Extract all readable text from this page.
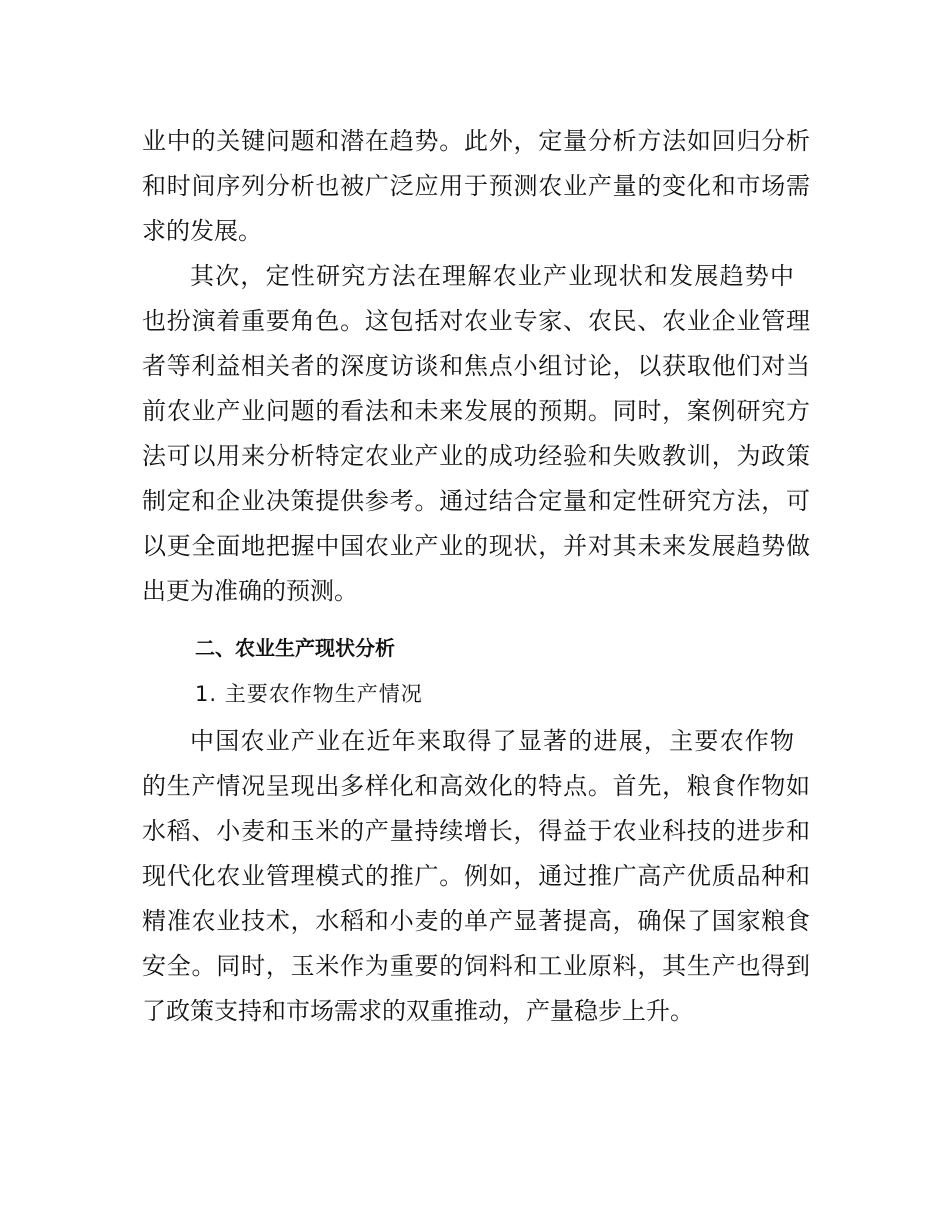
业中的关键问题和潜在趋势。此外，定量分析方法如回归分析
和时间序列分析也被广泛应用于预测农业产量的变化和市场需
求的发展。
其次，定性研究方法在理解农业产业现状和发展趋势中
也扮演着重要角色。这包括对农业专家、农民、农业企业管理
者等利益相关者的深度访谈和焦点小组讨论，以获取他们对当
前农业产业问题的看法和未来发展的预期。同时，案例研究方
法可以用来分析特定农业产业的成功经验和失败教训，为政策
制定和企业决策提供参考。通过结合定量和定性研究方法，可
以更全面地把握中国农业产业的现状，并对其未来发展趋势做
出更为准确的预测。
二、农业生产现状分析
1. 主要农作物生产情况
中国农业产业在近年来取得了显著的进展，主要农作物
的生产情况呈现出多样化和高效化的特点。首先，粮食作物如
水稻、小麦和玉米的产量持续增长，得益于农业科技的进步和
现代化农业管理模式的推广。例如，通过推广高产优质品种和
精准农业技术，水稻和小麦的单产显著提高，确保了国家粮食
安全。同时，玉米作为重要的饲料和工业原料，其生产也得到
了政策支持和市场需求的双重推动，产量稳步上升。
